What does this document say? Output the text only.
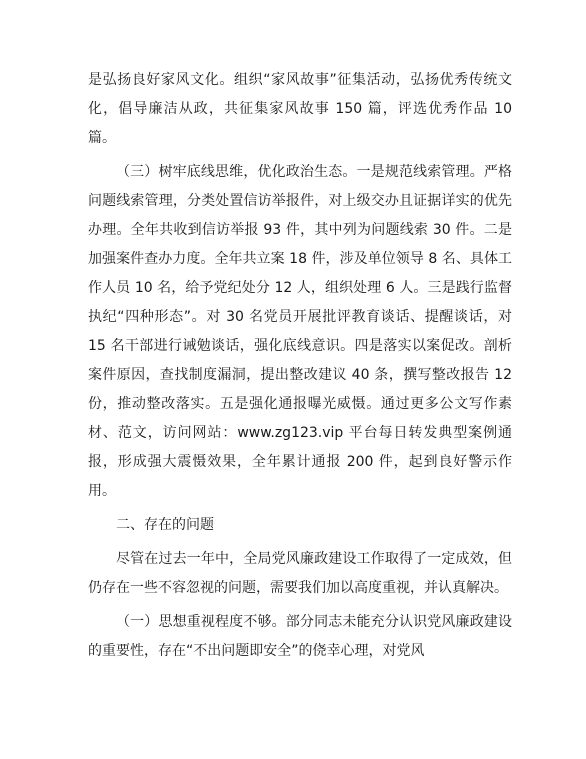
是弘扬良好家风文化。组织“家风故事”征集活动，弘扬优秀传统文化，倡导廉洁从政，共征集家风故事 150 篇，评选优秀作品 10 篇。

（三）树牢底线思维，优化政治生态。一是规范线索管理。严格问题线索管理，分类处置信访举报件，对上级交办且证据详实的优先办理。全年共收到信访举报 93 件，其中列为问题线索 30 件。二是加强案件查办力度。全年共立案 18 件，涉及单位领导 8 名、具体工作人员 10 名，给予党纪处分 12 人，组织处理 6 人。三是践行监督执纪“四种形态”。对 30 名党员开展批评教育谈话、提醒谈话，对 15 名干部进行诫勉谈话，强化底线意识。四是落实以案促改。剖析案件原因，查找制度漏洞，提出整改建议 40 条，撰写整改报告 12 份，推动整改落实。五是强化通报曝光威慑。通过更多公文写作素材、范文，访问网站：www.zg123.vip 平台每日转发典型案例通报，形成强大震慑效果，全年累计通报 200 件，起到良好警示作用。

二、存在的问题

尽管在过去一年中，全局党风廉政建设工作取得了一定成效，但仍存在一些不容忽视的问题，需要我们加以高度重视，并认真解决。

（一）思想重视程度不够。部分同志未能充分认识党风廉政建设的重要性，存在“不出问题即安全”的侥幸心理，对党风
